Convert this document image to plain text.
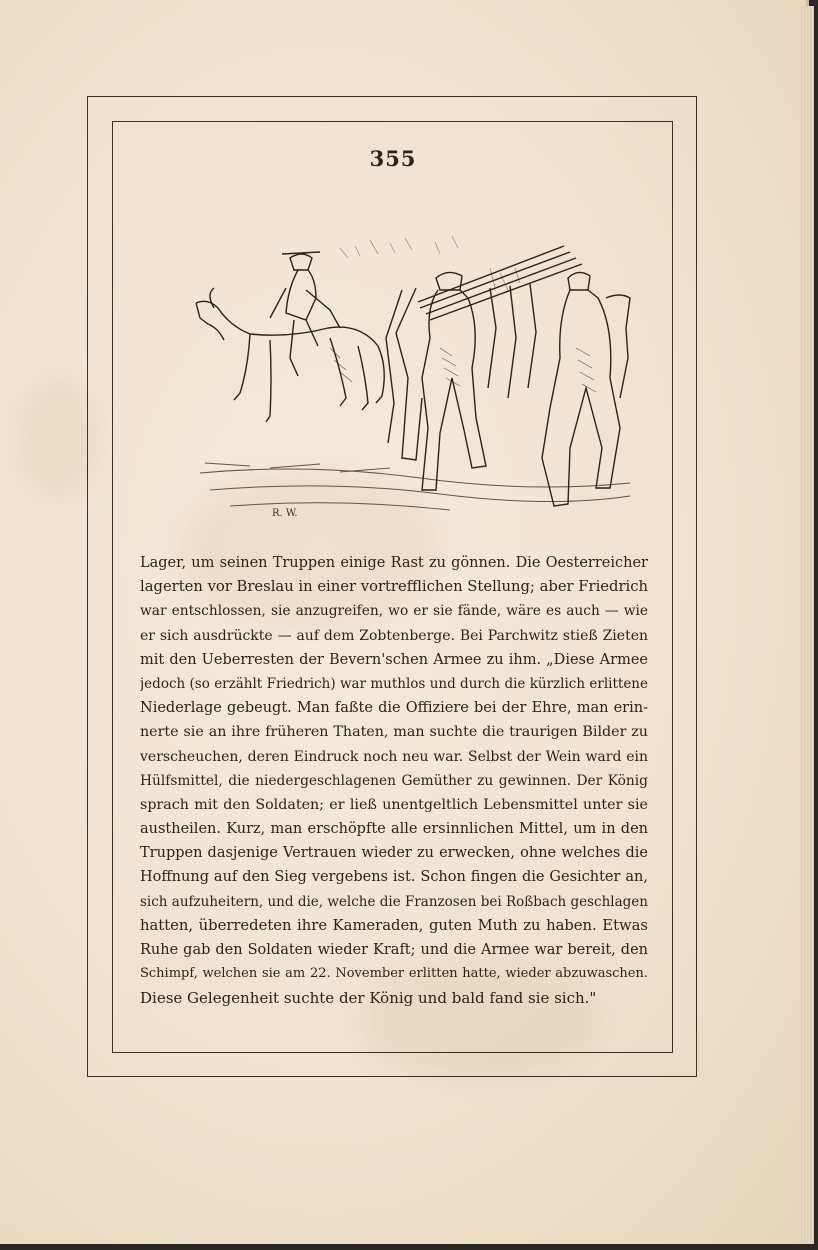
355
R. W.
Lager, um seinen Truppen einige Rast zu gönnen. Die Oesterreicher
lagerten vor Breslau in einer vortrefflichen Stellung; aber Friedrich
war entschlossen, sie anzugreifen, wo er sie fände, wäre es auch — wie
er sich ausdrückte — auf dem Zobtenberge. Bei Parchwitz stieß Zieten
mit den Ueberresten der Bevern'schen Armee zu ihm. „Diese Armee
jedoch (so erzählt Friedrich) war muthlos und durch die kürzlich erlittene
Niederlage gebeugt. Man faßte die Offiziere bei der Ehre, man erin-
nerte sie an ihre früheren Thaten, man suchte die traurigen Bilder zu
verscheuchen, deren Eindruck noch neu war. Selbst der Wein ward ein
Hülfsmittel, die niedergeschlagenen Gemüther zu gewinnen. Der König
sprach mit den Soldaten; er ließ unentgeltlich Lebensmittel unter sie
austheilen. Kurz, man erschöpfte alle ersinnlichen Mittel, um in den
Truppen dasjenige Vertrauen wieder zu erwecken, ohne welches die
Hoffnung auf den Sieg vergebens ist. Schon fingen die Gesichter an,
sich aufzuheitern, und die, welche die Franzosen bei Roßbach geschlagen
hatten, überredeten ihre Kameraden, guten Muth zu haben. Etwas
Ruhe gab den Soldaten wieder Kraft; und die Armee war bereit, den
Schimpf, welchen sie am 22. November erlitten hatte, wieder abzuwaschen.
Diese Gelegenheit suchte der König und bald fand sie sich."
